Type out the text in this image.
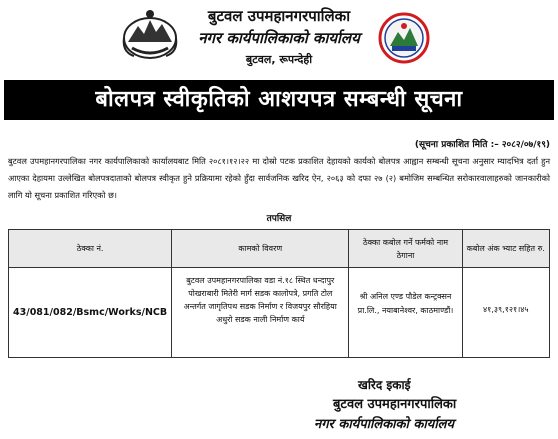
बुटवल उपमहानगरपालिका
नगर कार्यपालिकाको कार्यालय
बुटवल, रूपन्देही
बोलपत्र स्वीकृतिको आशयपत्र सम्बन्धी सूचना
(सूचना प्रकाशित मिति :– २०८२/०७/१९)
बुटवल उपमहानगरपालिका नगर कार्यपालिकाको कार्यालयबाट मिति २०८१।१२।२२ मा दोस्रो पटक प्रकाशित देहायको कार्यको बोलपत्र आह्वान सम्बन्धी सूचना अनुसार म्यादभित्र दर्ता हुन आएका देहायमा उल्लेखित बोलपत्रदाताको बोलपत्र स्वीकृत हुने प्रक्रियामा रहेको हुँदा सार्वजनिक खरिद ऐन, २०६३ को दफा २७ (२) बमोजिम सम्बन्धित सरोकारवालाहरुको जानकारीको लागि यो सूचना प्रकाशित गरिएको छ।
तपसिल
ठेक्का नं.	कामको विवरण	ठेक्का कबोल गर्ने फर्मको नाम ठेगाना	कबोल अंक भ्याट सहित रु.
43/081/082/Bsmc/Works/NCB	बुटवल उपमहानगरपालिका वडा नं.१८ स्थित धन्दापुर पोखराबारी मितेरी मार्ग सडक कालोपत्रे, प्रगति टोल अन्तर्गत जागृतिपथ सडक निर्माण र विजयपुर सौरहिया अधुरो सडक नाली निर्माण कार्य	श्री अनिल एण्ड पौडेल कन्ट्रक्सन प्रा.लि., नयाबानेश्वर, काठमाण्डौं।	४१,३९,१२१।४५
खरिद इकाई
बुटवल उपमहानगरपालिका
नगर कार्यपालिकाको कार्यालय
